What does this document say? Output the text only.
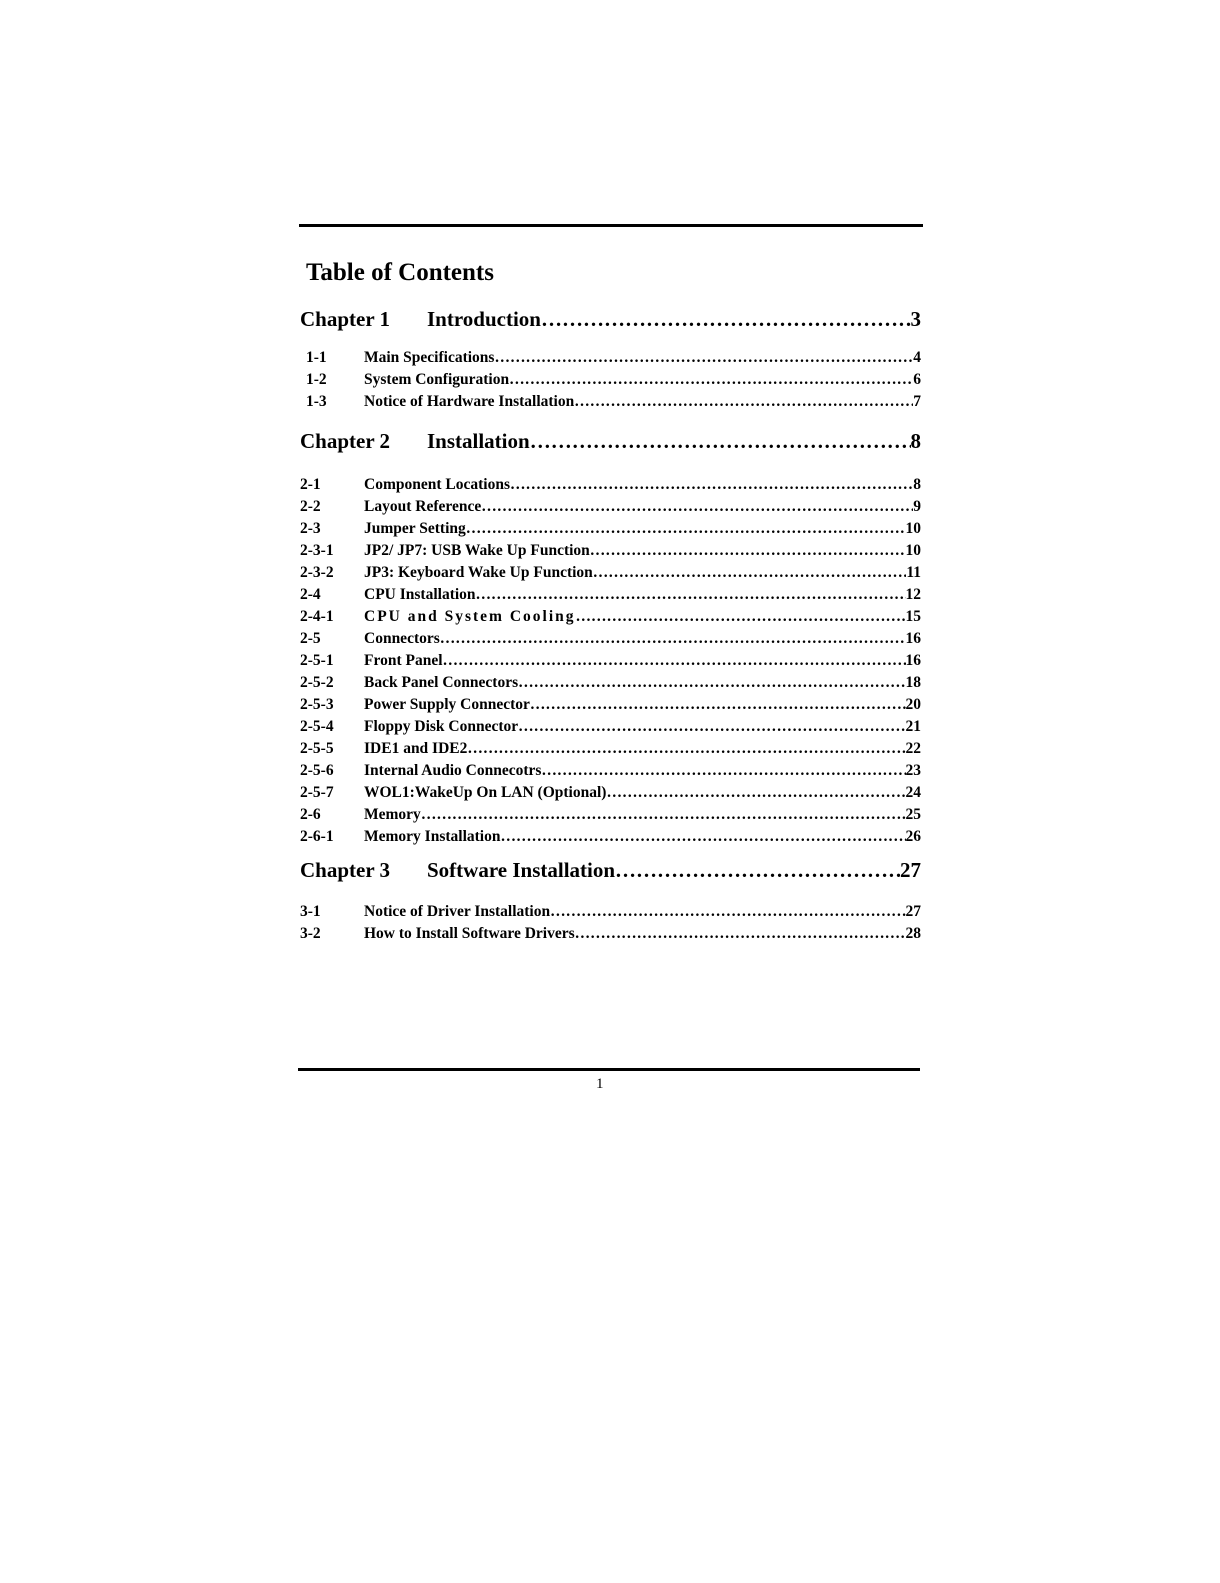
Table of Contents
Chapter 1	Introduction …………………………………………………………………………………………………………………………………………………………………	3
1-1	Main Specifications …………………………………………………………………………………………………………………………………………………………………	4
1-2	System Configuration …………………………………………………………………………………………………………………………………………………………………	6
1-3	Notice of Hardware Installation …………………………………………………………………………………………………………………………………………………………………	7
Chapter 2	Installation …………………………………………………………………………………………………………………………………………………………………	8
2-1	Component Locations …………………………………………………………………………………………………………………………………………………………………	8
2-2	Layout Reference …………………………………………………………………………………………………………………………………………………………………	9
2-3	Jumper Setting …………………………………………………………………………………………………………………………………………………………………	10
2-3-1	JP2/ JP7: USB Wake Up Function …………………………………………………………………………………………………………………………………………………………………	10
2-3-2	JP3: Keyboard Wake Up Function …………………………………………………………………………………………………………………………………………………………………	11
2-4	CPU Installation …………………………………………………………………………………………………………………………………………………………………	12
2-4-1	CPU and System Cooling …………………………………………………………………………………………………………………………………………………………………	15
2-5	Connectors …………………………………………………………………………………………………………………………………………………………………	16
2-5-1	Front Panel …………………………………………………………………………………………………………………………………………………………………	16
2-5-2	Back Panel Connectors …………………………………………………………………………………………………………………………………………………………………	18
2-5-3	Power Supply Connector …………………………………………………………………………………………………………………………………………………………………	20
2-5-4	Floppy Disk Connector …………………………………………………………………………………………………………………………………………………………………	21
2-5-5	IDE1 and IDE2 …………………………………………………………………………………………………………………………………………………………………	22
2-5-6	Internal Audio Connecotrs …………………………………………………………………………………………………………………………………………………………………	23
2-5-7	WOL1:WakeUp On LAN (Optional) …………………………………………………………………………………………………………………………………………………………………	24
2-6	Memory …………………………………………………………………………………………………………………………………………………………………	25
2-6-1	Memory Installation …………………………………………………………………………………………………………………………………………………………………	26
Chapter 3	Software Installation …………………………………………………………………………………………………………………………………………………………………	27
3-1	Notice of Driver Installation …………………………………………………………………………………………………………………………………………………………………	27
3-2	How to Install Software Drivers …………………………………………………………………………………………………………………………………………………………………	28
1
